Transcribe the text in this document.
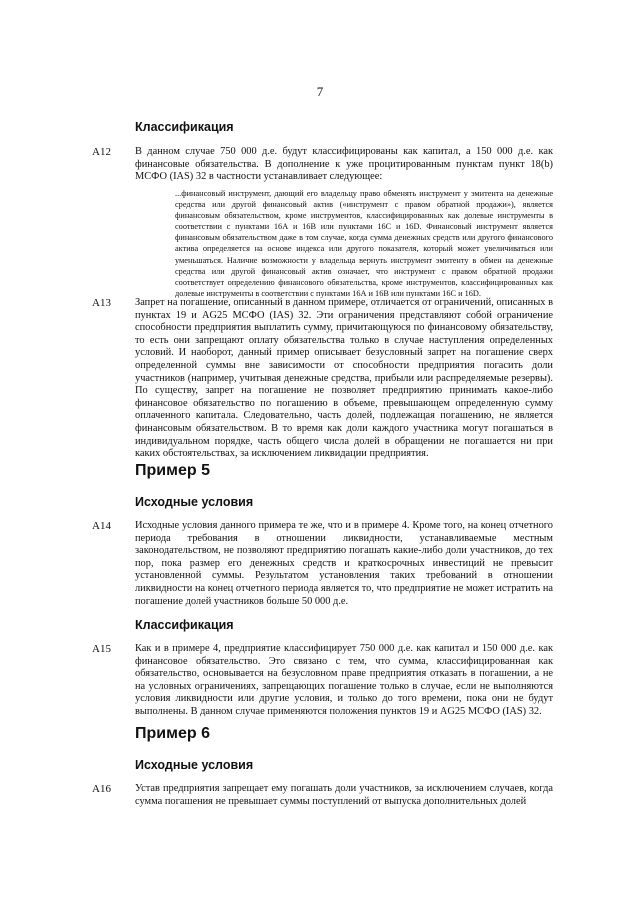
7
Классификация
A12 В данном случае 750 000 д.е. будут классифицированы как капитал, а 150 000 д.е. как финансовые обязательства. В дополнение к уже процитированным пунктам пункт 18(b) МСФО (IAS) 32 в частности устанавливает следующее:
...финансовый инструмент, дающий его владельцу право обменять инструмент у эмитента на денежные средства или другой финансовый актив («инструмент с правом обратной продажи»), является финансовым обязательством, кроме инструментов, классифицированных как долевые инструменты в соответствии с пунктами 16А и 16В или пунктами 16С и 16D. Финансовый инструмент является финансовым обязательством даже в том случае, когда сумма денежных средств или другого финансового актива определяется на основе индекса или другого показателя, который может увеличиваться или уменьшаться. Наличие возможности у владельца вернуть инструмент эмитенту в обмен на денежные средства или другой финансовый актив означает, что инструмент с правом обратной продажи соответствует определению финансового обязательства, кроме инструментов, классифицированных как долевые инструменты в соответствии с пунктами 16А и 16В или пунктами 16С и 16D.
A13 Запрет на погашение, описанный в данном примере, отличается от ограничений, описанных в пунктах 19 и AG25 МСФО (IAS) 32. Эти ограничения представляют собой ограничение способности предприятия выплатить сумму, причитающуюся по финансовому обязательству, то есть они запрещают оплату обязательства только в случае наступления определенных условий. И наоборот, данный пример описывает безусловный запрет на погашение сверх определенной суммы вне зависимости от способности предприятия погасить доли участников (например, учитывая денежные средства, прибыли или распределяемые резервы). По существу, запрет на погашение не позволяет предприятию принимать какое-либо финансовое обязательство по погашению в объеме, превышающем определенную сумму оплаченного капитала. Следовательно, часть долей, подлежащая погашению, не является финансовым обязательством. В то время как доли каждого участника могут погашаться в индивидуальном порядке, часть общего числа долей в обращении не погашается ни при каких обстоятельствах, за исключением ликвидации предприятия.
Пример 5
Исходные условия
A14 Исходные условия данного примера те же, что и в примере 4. Кроме того, на конец отчетного периода требования в отношении ликвидности, устанавливаемые местным законодательством, не позволяют предприятию погашать какие-либо доли участников, до тех пор, пока размер его денежных средств и краткосрочных инвестиций не превысит установленной суммы. Результатом установления таких требований в отношении ликвидности на конец отчетного периода является то, что предприятие не может истратить на погашение долей участников больше 50 000 д.е.
Классификация
A15 Как и в примере 4, предприятие классифицирует 750 000 д.е. как капитал и 150 000 д.е. как финансовое обязательство. Это связано с тем, что сумма, классифицированная как обязательство, основывается на безусловном праве предприятия отказать в погашении, а не на условных ограничениях, запрещающих погашение только в случае, если не выполняются условия ликвидности или другие условия, и только до того времени, пока они не будут выполнены. В данном случае применяются положения пунктов 19 и AG25 МСФО (IAS) 32.
Пример 6
Исходные условия
A16 Устав предприятия запрещает ему погашать доли участников, за исключением случаев, когда сумма погашения не превышает суммы поступлений от выпуска дополнительных долей
